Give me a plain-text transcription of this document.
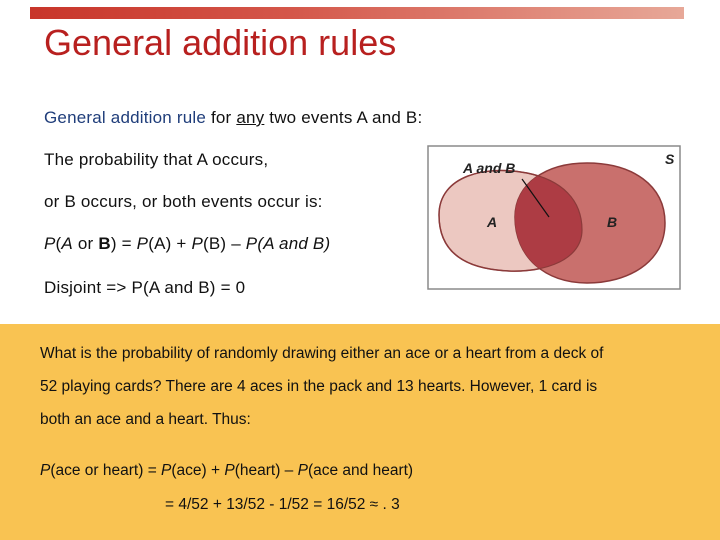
General addition rules
General addition rule for any two events A and B:
The probability that A occurs,
or B occurs, or both events occur is:
P(A or B) = P(A) + P(B) – P(A and B)
Disjoint => P(A and B) = 0
A and B
S
A	B
What is the probability of randomly drawing either an ace or a heart from a deck of
52 playing cards? There are 4 aces in the pack and 13 hearts. However, 1 card is
both an ace and a heart. Thus:
P(ace or heart) = P(ace) + P(heart) – P(ace and heart)
= 4/52 + 13/52 - 1/52 = 16/52 ≈ . 3
